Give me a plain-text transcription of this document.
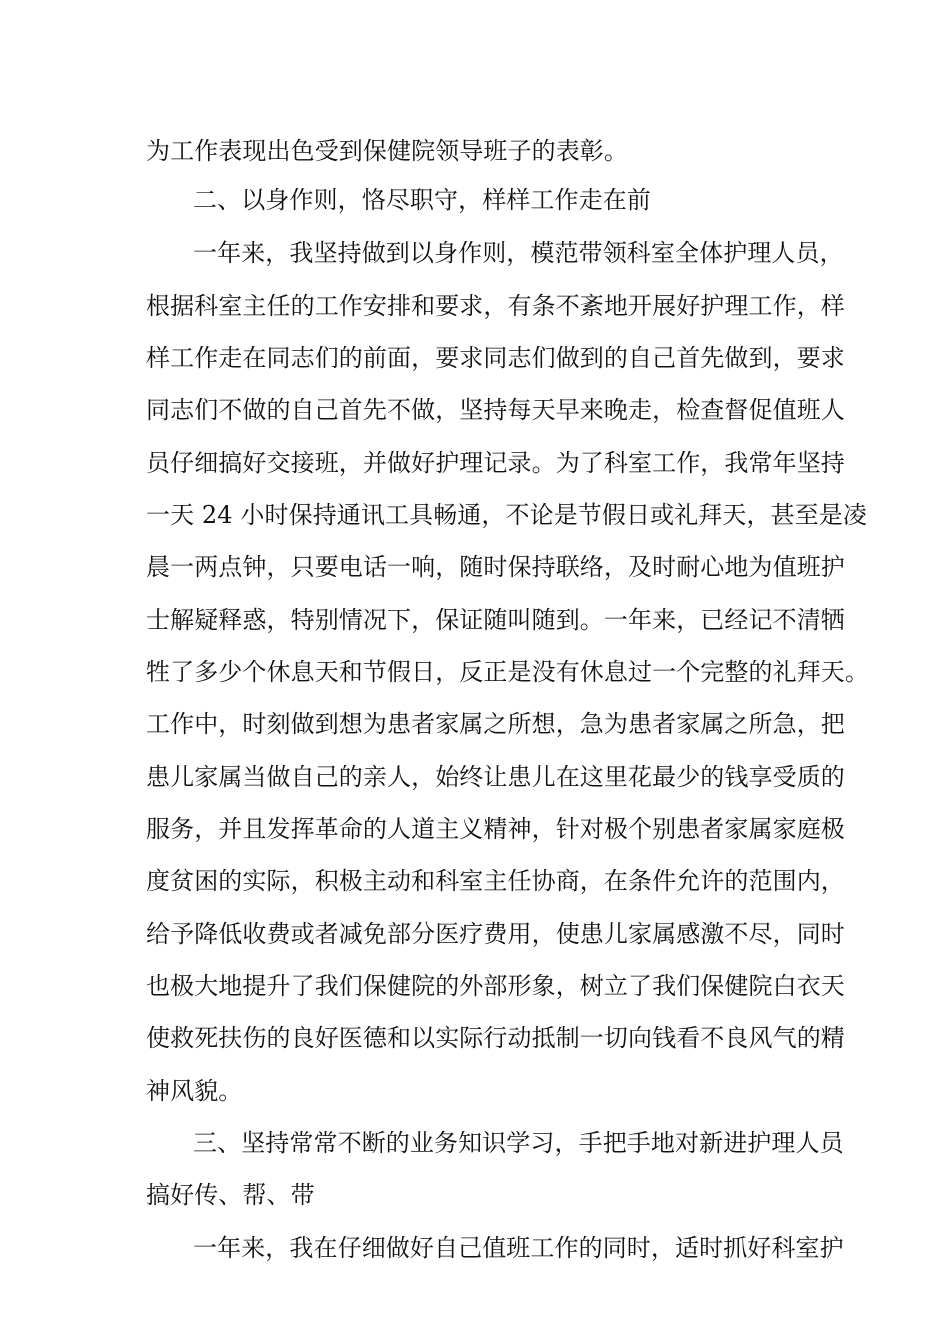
为工作表现出色受到保健院领导班子的表彰。
二、以身作则，恪尽职守，样样工作走在前
一年来，我坚持做到以身作则，模范带领科室全体护理人员，
根据科室主任的工作安排和要求，有条不紊地开展好护理工作，样
样工作走在同志们的前面，要求同志们做到的自己首先做到，要求
同志们不做的自己首先不做，坚持每天早来晚走，检查督促值班人
员仔细搞好交接班，并做好护理记录。为了科室工作，我常年坚持
一天 24 小时保持通讯工具畅通，不论是节假日或礼拜天，甚至是凌
晨一两点钟，只要电话一响，随时保持联络，及时耐心地为值班护
士解疑释惑，特别情况下，保证随叫随到。一年来，已经记不清牺
牲了多少个休息天和节假日，反正是没有休息过一个完整的礼拜天。
工作中，时刻做到想为患者家属之所想，急为患者家属之所急，把
患儿家属当做自己的亲人，始终让患儿在这里花最少的钱享受质的
服务，并且发挥革命的人道主义精神，针对极个别患者家属家庭极
度贫困的实际，积极主动和科室主任协商，在条件允许的范围内，
给予降低收费或者减免部分医疗费用，使患儿家属感激不尽，同时
也极大地提升了我们保健院的外部形象，树立了我们保健院白衣天
使救死扶伤的良好医德和以实际行动抵制一切向钱看不良风气的精
神风貌。
三、坚持常常不断的业务知识学习，手把手地对新进护理人员
搞好传、帮、带
一年来，我在仔细做好自己值班工作的同时，适时抓好科室护
